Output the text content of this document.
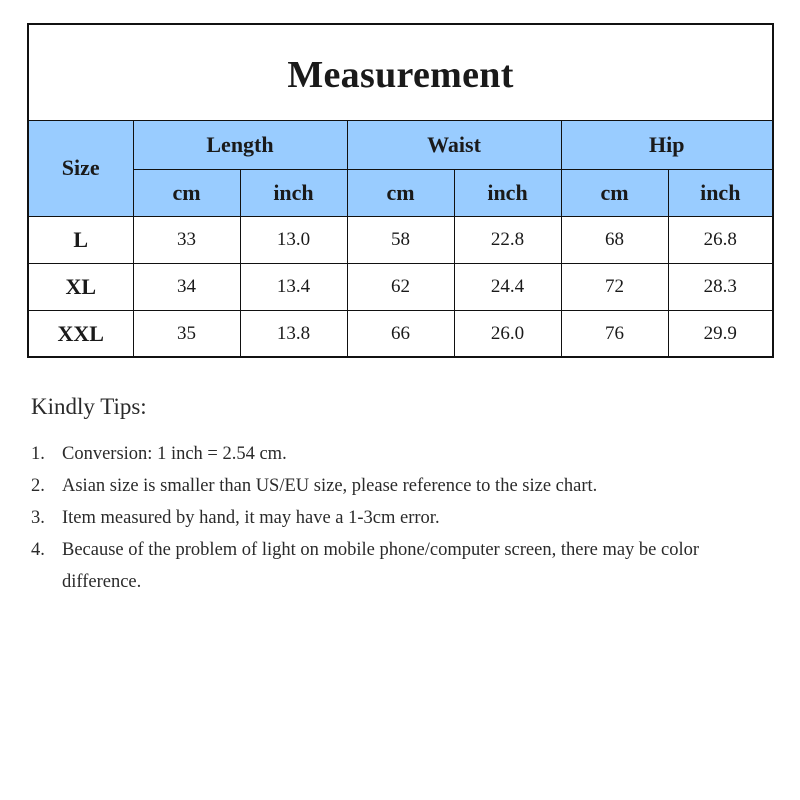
Measurement
Size	Length		Waist		Hip	
	cm	inch	cm	inch	cm	inch
L	33	13.0	58	22.8	68	26.8
XL	34	13.4	62	24.4	72	28.3
XXL	35	13.8	66	26.0	76	29.9
Kindly Tips:
1. Conversion: 1 inch = 2.54 cm.
2. Asian size is smaller than US/EU size, please reference to the size chart.
3. Item measured by hand, it may have a 1-3cm error.
4. Because of the problem of light on mobile phone/computer screen, there may be color difference.
